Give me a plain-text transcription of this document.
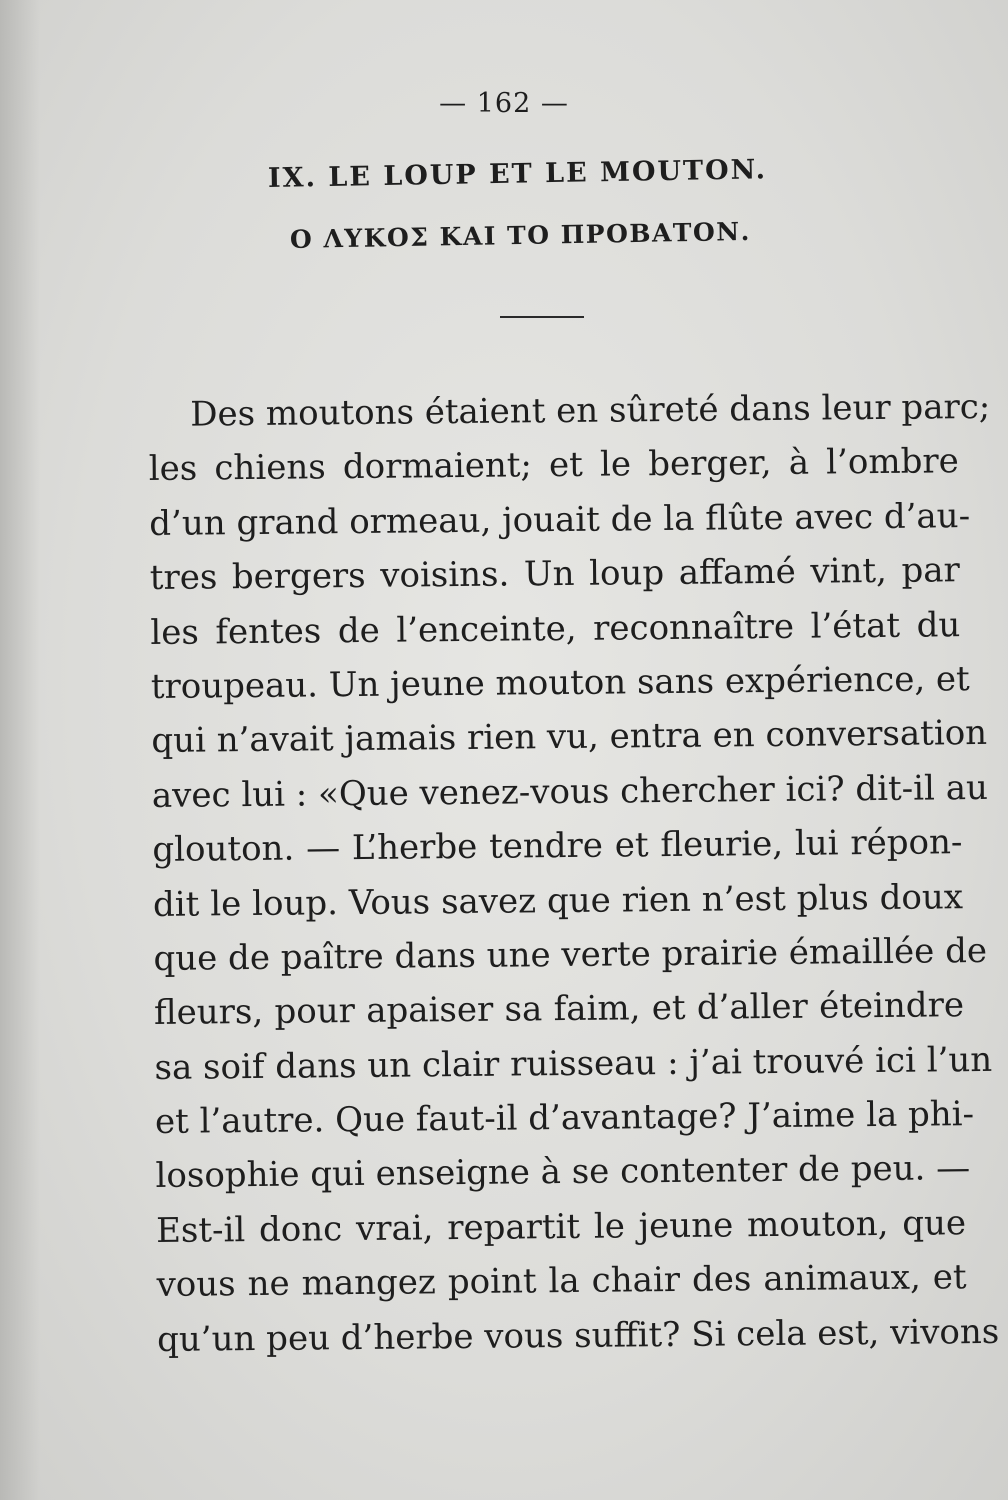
— 162 —
IX. LE LOUP ET LE MOUTON.
Ο ΛΥΚΟΣ ΚΑΙ ΤΟ ΠΡΟΒΑΤΟΝ.
Des moutons étaient en sûreté dans leur parc;
les chiens dormaient; et le berger, à l’ombre
d’un grand ormeau, jouait de la flûte avec d’au-
tres bergers voisins. Un loup affamé vint, par
les fentes de l’enceinte, reconnaître l’état du
troupeau. Un jeune mouton sans expérience, et
qui n’avait jamais rien vu, entra en conversation
avec lui : «Que venez-vous chercher ici? dit-il au
glouton. — L’herbe tendre et fleurie, lui répon-
dit le loup. Vous savez que rien n’est plus doux
que de paître dans une verte prairie émaillée de
fleurs, pour apaiser sa faim, et d’aller éteindre
sa soif dans un clair ruisseau : j’ai trouvé ici l’un
et l’autre. Que faut-il d’avantage? J’aime la phi-
losophie qui enseigne à se contenter de peu. —
Est-il donc vrai, repartit le jeune mouton, que
vous ne mangez point la chair des animaux, et
qu’un peu d’herbe vous suffit? Si cela est, vivons
